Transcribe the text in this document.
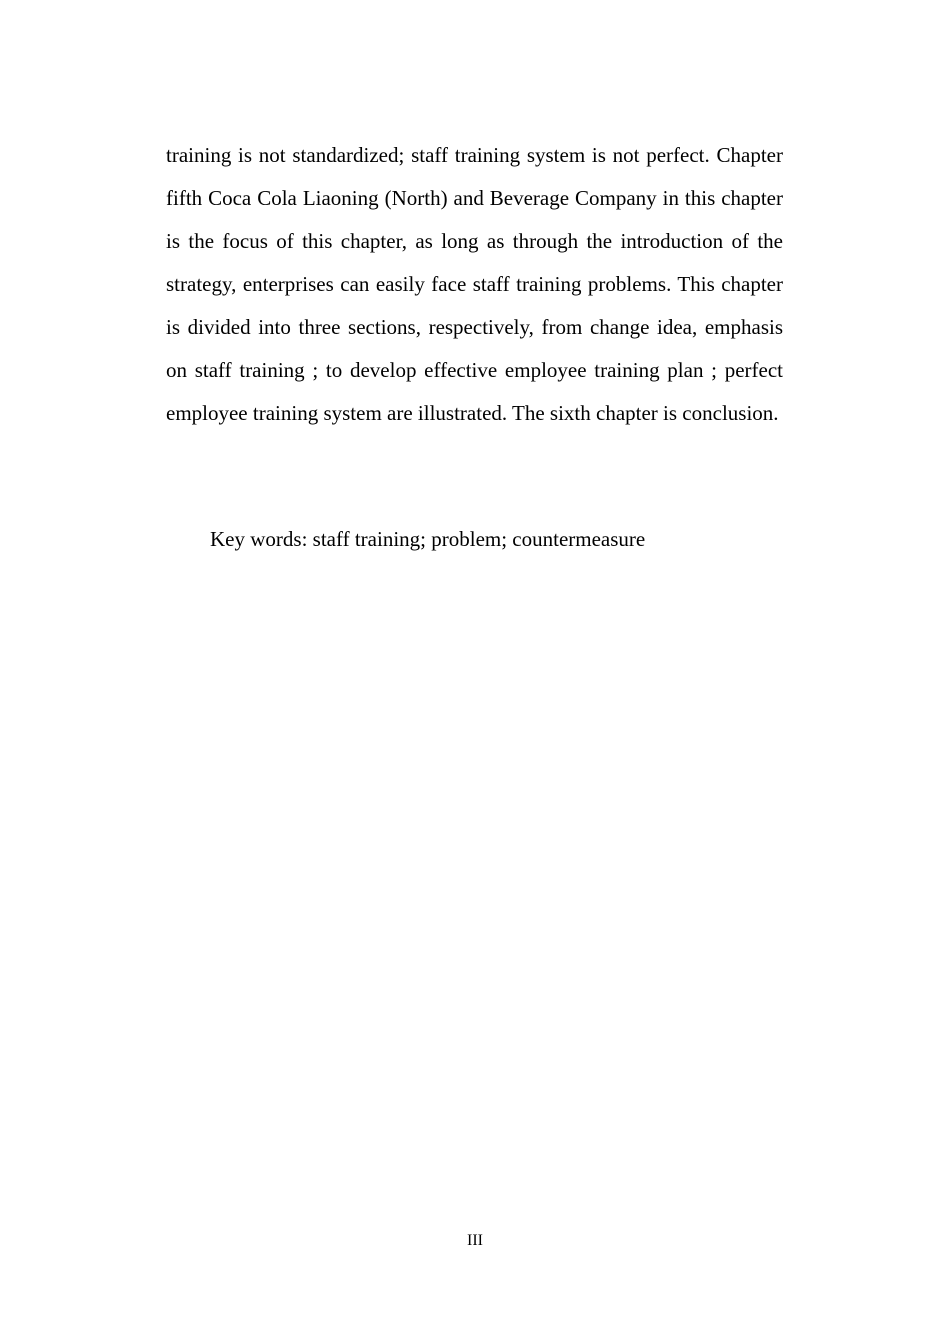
training is not standardized; staff training system is not perfect. Chapter fifth Coca Cola Liaoning (North) and Beverage Company in this chapter is the focus of this chapter, as long as through the introduction of the strategy, enterprises can easily face staff training problems. This chapter is divided into three sections, respectively, from change idea, emphasis on staff training ; to develop effective employee training plan ; perfect employee training system are illustrated. The sixth chapter is conclusion.

Key words: staff training; problem; countermeasure

III
